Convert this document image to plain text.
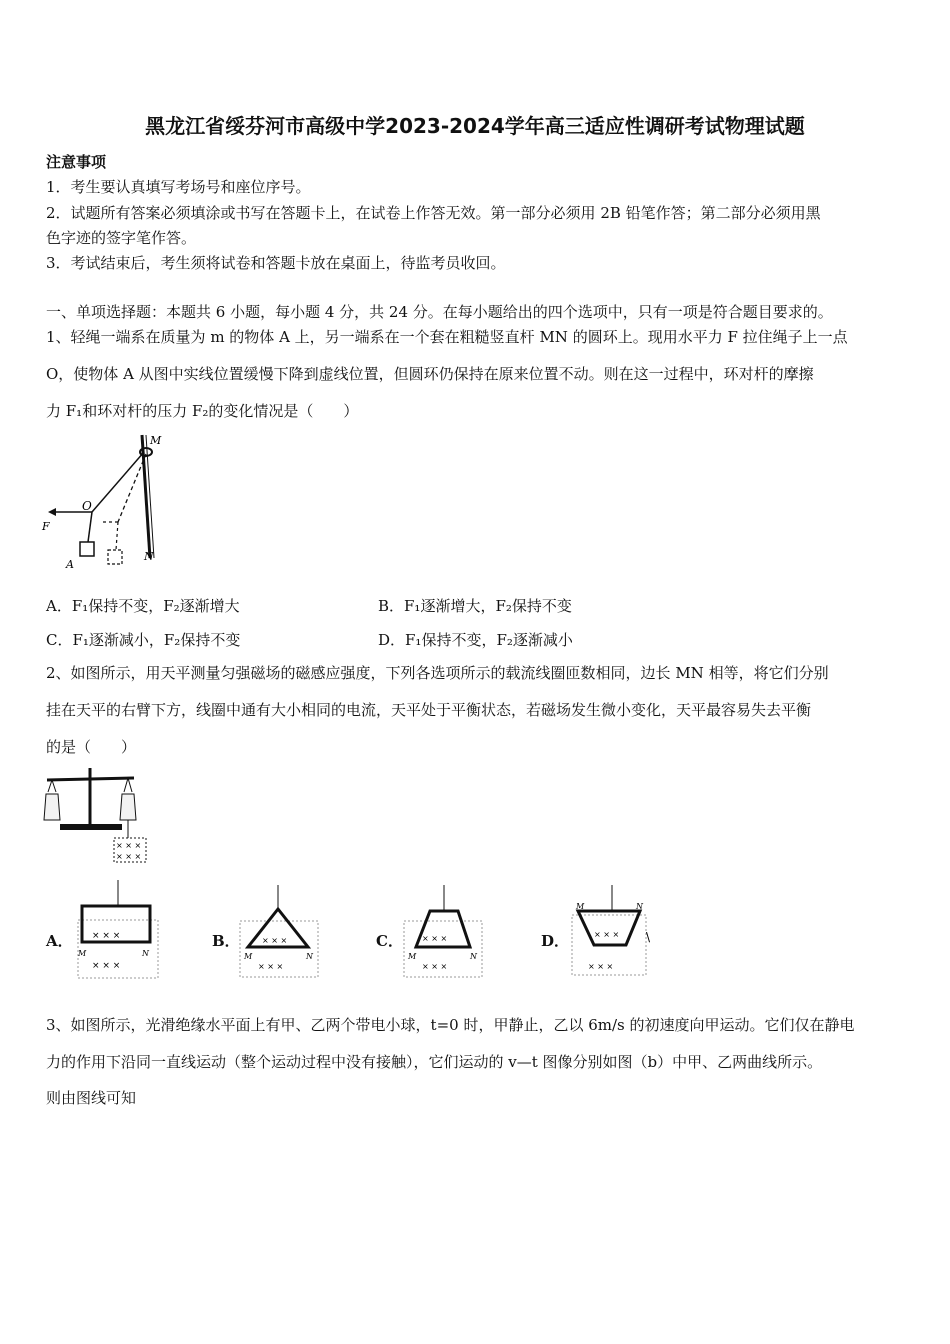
黑龙江省绥芬河市高级中学2023-2024学年高三适应性调研考试物理试题
注意事项
1．考生要认真填写考场号和座位序号。
2．试题所有答案必须填涂或书写在答题卡上，在试卷上作答无效。第一部分必须用 2B 铅笔作答；第二部分必须用黑
色字迹的签字笔作答。
3．考试结束后，考生须将试卷和答题卡放在桌面上，待监考员收回。
一、单项选择题：本题共 6 小题，每小题 4 分，共 24 分。在每小题给出的四个选项中，只有一项是符合题目要求的。
1、轻绳一端系在质量为 m 的物体 A 上，另一端系在一个套在粗糙竖直杆 MN 的圆环上。现用水平力 F 拉住绳子上一点
O，使物体 A 从图中实线位置缓慢下降到虚线位置，但圆环仍保持在原来位置不动。则在这一过程中，环对杆的摩擦
力 F₁和环对杆的压力 F₂的变化情况是（　　）
M
N
O
F
A
A．F₁保持不变，F₂逐渐增大	B．F₁逐渐增大，F₂保持不变
C．F₁逐渐减小，F₂保持不变	D．F₁保持不变，F₂逐渐减小
2、如图所示，用天平测量匀强磁场的磁感应强度，下列各选项所示的载流线圈匝数相同，边长 MN 相等，将它们分别
挂在天平的右臂下方，线圈中通有大小相同的电流，天平处于平衡状态，若磁场发生微小变化，天平最容易失去平衡
的是（　　）
× × ×
× × ×
A． × × ×
× × ×
M	N
B．	× × ×
× × ×
M	N
C． × × ×
× × ×
M	N
D．	× × ×
× × ×
M	N
\
3、如图所示，光滑绝缘水平面上有甲、乙两个带电小球，t=0 时，甲静止，乙以 6m/s 的初速度向甲运动。它们仅在静电
力的作用下沿同一直线运动（整个运动过程中没有接触），它们运动的 v—t 图像分别如图（b）中甲、乙两曲线所示。
则由图线可知
